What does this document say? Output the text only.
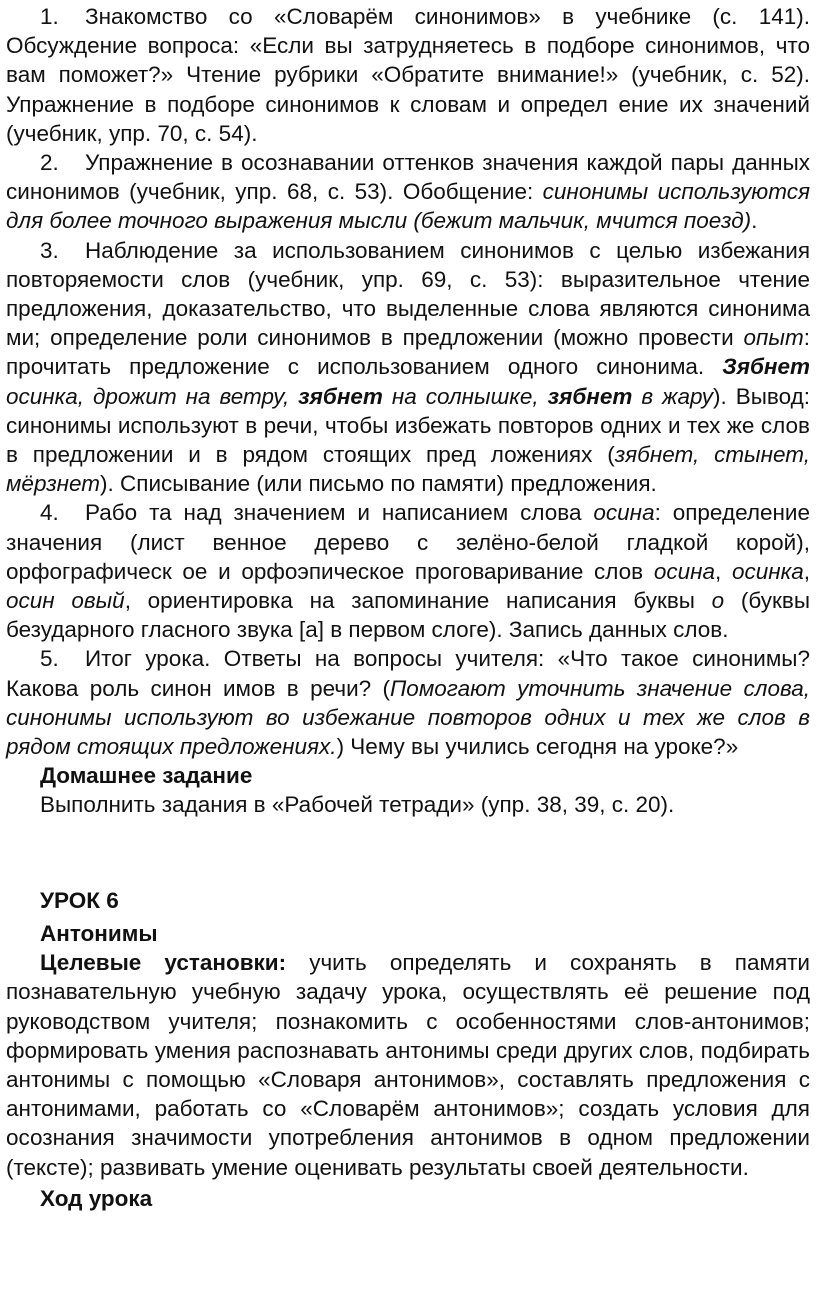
1. Знакомство со «Словарём синонимов» в учебнике (с. 141). Обсуждение вопроса: «Если вы затрудняетесь в подборе синонимов, что вам поможет?» Чтение рубрики «Обратите внимание!» (учебник, с. 52). Упражнение в подборе синонимов к словам и определ ение их значений (учебник, упр. 70, с. 54).

2. Упражнение в осознавании оттенков значения каждой пары данных синонимов (учебник, упр. 68, с. 53). Обобщение: синонимы используются для более точного выражения мысли (бежит мальчик, мчится поезд).

3. Наблюдение за использованием синонимов с целью избежания повторяемости слов (учебник, упр. 69, с. 53): выразительное чтение предложения, доказательство, что выделенные слова являются синонима ми; определение роли синонимов в предложении (можно провести опыт: прочитать предложение с использованием одного синонима. Зябнет осинка, дрожит на ветру, зябнет на солнышке, зябнет в жару). Вывод: синонимы используют в речи, чтобы избежать повторов одних и тех же слов в предложении и в рядом стоящих пред ложениях (зябнет, стынет, мёрзнет). Списывание (или письмо по памяти) предложения.

4. Рабо та над значением и написанием слова осина: определение значения (лист венное дерево с зелёно-белой гладкой корой), орфографическ ое и орфоэпическое проговаривание слов осина, осинка, осин овый, ориентировка на запоминание написания буквы о (буквы безударного гласного звука [а] в первом слоге). Запись данных слов.

5. Итог урока. Ответы на вопросы учителя: «Что такое синонимы? Какова роль синон имов в речи? (Помогают уточнить значение слова, синонимы используют во избежание повторов одних и тех же слов в рядом стоящих предложениях.) Чему вы учились сегодня на уроке?»

Домашнее задание

Выполнить задания в «Рабочей тетради» (упр. 38, 39, с. 20).

УРОК 6

Антонимы

Целевые установки: учить определять и сохранять в памяти познавательную учебную задачу урока, осуществлять её решение под руководством учителя; познакомить с особенностями слов-антонимов; формировать умения распознавать антонимы среди других слов, подбирать антонимы с помощью «Словаря антонимов», составлять предложения с антонимами, работать со «Словарём антонимов»; создать условия для осознания значимости употребления антонимов в одном предложении (тексте); развивать умение оценивать результаты своей деятельности.

Ход урока
